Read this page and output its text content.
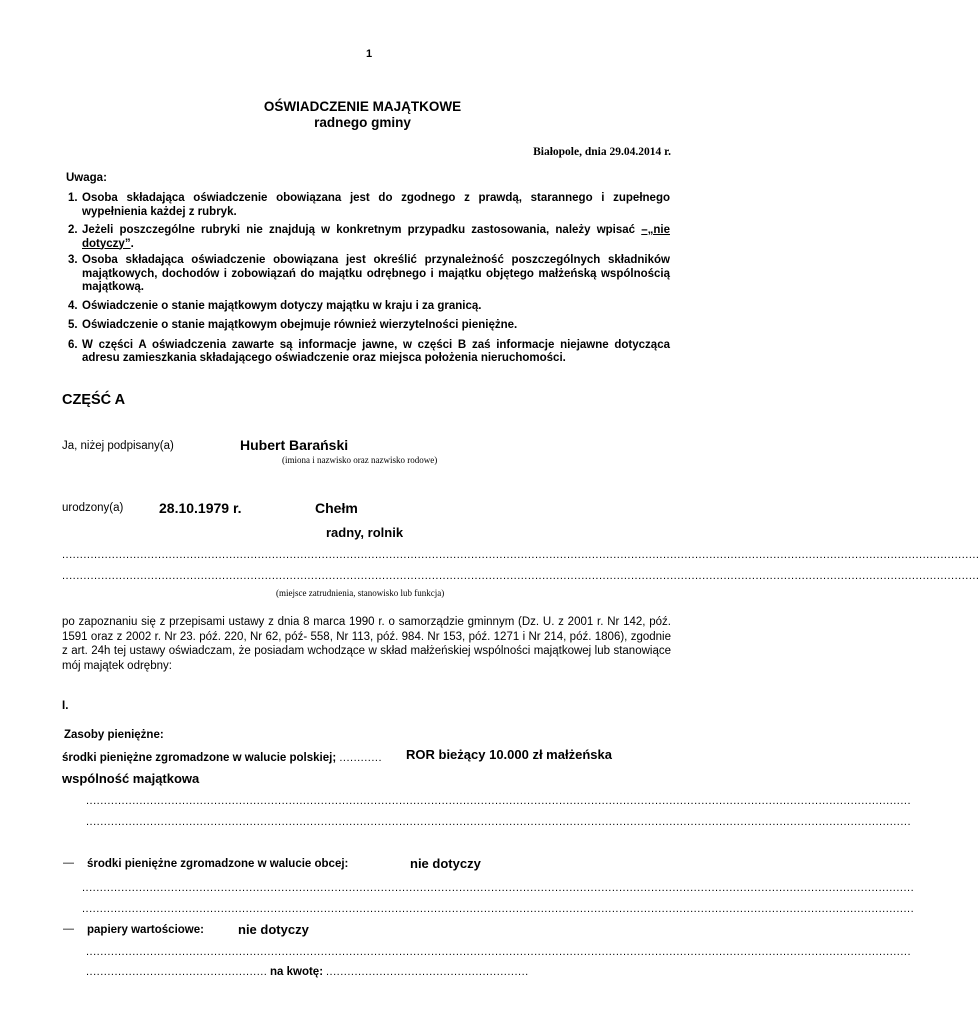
1
OŚWIADCZENIE MAJĄTKOWE
radnego gminy
Białopole, dnia 29.04.2014 r.
Uwaga:
1. Osoba składająca oświadczenie obowiązana jest do zgodnego z prawdą, starannego i zupełnego wypełnienia każdej z rubryk.
2. Jeżeli poszczególne rubryki nie znajdują w konkretnym przypadku zastosowania, należy wpisać –„nie dotyczy”.
3. Osoba składająca oświadczenie obowiązana jest określić przynależność poszczególnych składników majątkowych, dochodów i zobowiązań do majątku odrębnego i majątku objętego małżeńską wspólnością majątkową.
4. Oświadczenie o stanie majątkowym dotyczy majątku w kraju i za granicą.
5. Oświadczenie o stanie majątkowym obejmuje również wierzytelności pieniężne.
6. W części A oświadczenia zawarte są informacje jawne, w części B zaś informacje niejawne dotycząca adresu zamieszkania składającego oświadczenie oraz miejsca położenia nieruchomości.
CZĘŚĆ A
Ja, niżej podpisany(a)	Hubert Barański
(imiona i nazwisko oraz nazwisko rodowe)
urodzony(a)	28.10.1979 r.	Chełm
radny, rolnik
..................................................................................................................................................................................................................................................................
..................................................................................................................................................................................................................................................................
(miejsce zatrudnienia, stanowisko lub funkcja)
po zapoznaniu się z przepisami ustawy z dnia 8 marca 1990 r. o samorządzie gminnym (Dz. U. z 2001 r. Nr 142, póź. 1591 oraz z 2002 r. Nr 23. póź. 220, Nr 62, póź- 558, Nr 113, póź. 984. Nr 153, póź. 1271 i Nr 214, póź. 1806), zgodnie z art. 24h tej ustawy oświadczam, że posiadam wchodzące w skład małżeńskiej wspólności majątkowej lub stanowiące mój majątek odrębny:
I.
Zasoby pieniężne:
środki pieniężne zgromadzone w walucie polskiej; ............ ROR bieżący 10.000 zł małżeńska
wspólność majątkowa
........................................................................................................................................................................................................................................
........................................................................................................................................................................................................................................
— środki pieniężne zgromadzone w walucie obcej:	nie dotyczy
..........................................................................................................................................................................................................................................
..........................................................................................................................................................................................................................................
— papiery wartościowe:	nie dotyczy
........................................................................................................................................................................................................................................
................................................... na kwotę: .........................................................
